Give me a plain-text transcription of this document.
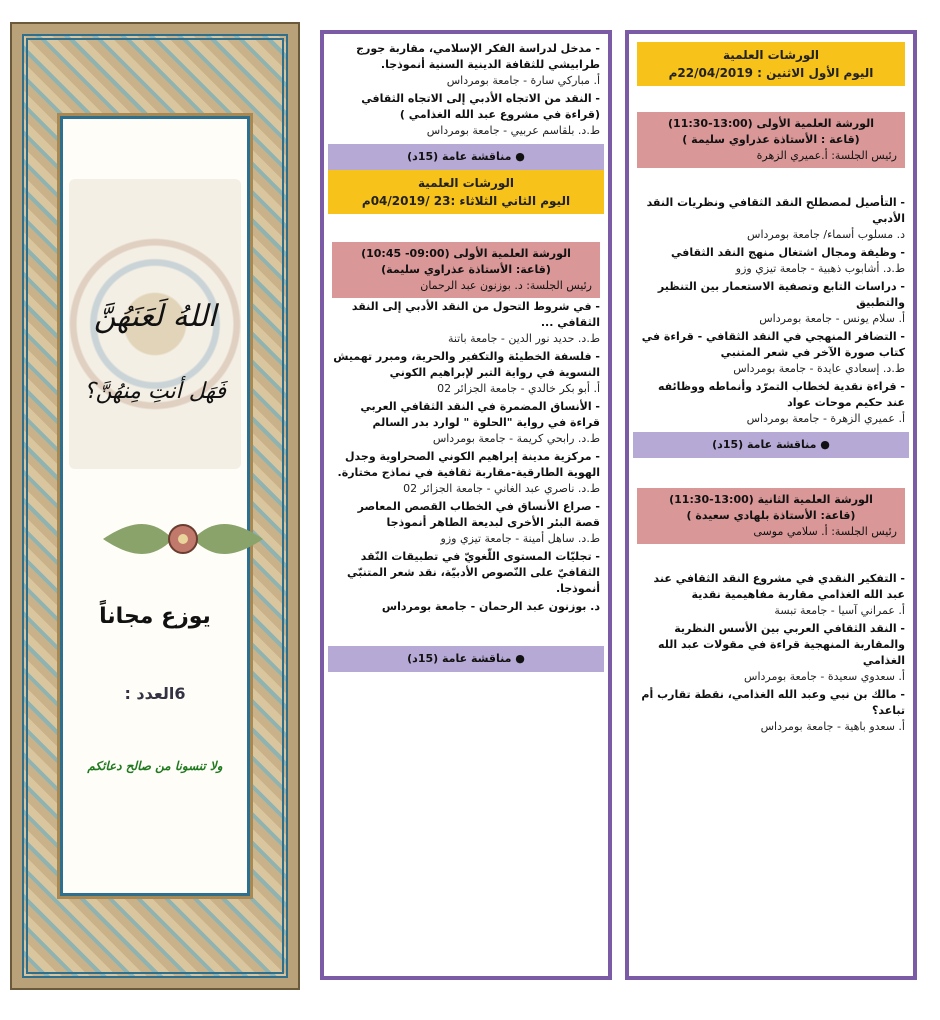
اللهُ لَعَنَهُنَّ
فَهَل أنتِ مِنهُنَّ؟
يوزع مجاناً
6العدد :
ولا تنسونا من صالح دعائكم
- مدخل لدراسة الفكر الإسلامي، مقاربة جورج طرابيشي للثقافة الدينية السنية أنموذجا.
أ. مباركي سارة - جامعة بومرداس
- النقد من الاتجاه الأدبي إلى الاتجاه الثقافي (قراءة في مشروع عبد الله الغذامي )
ط.د. بلقاسم عربيي - جامعة بومرداس
● مناقشة عامة (15د)
الورشات العلمية
اليوم الثاني الثلاثاء :23 /04/2019م
الورشة العلمية الأولى (09:00- 10:45)
(قاعة: الأستاذة عذراوي سليمة)
رئيس الجلسة: د. بوزنون عبد الرحمان
- في شروط التحول من النقد الأدبي إلى النقد الثقافي ...
ط.د. حديد نور الدين - جامعة باتنة
- فلسفة الخطيئة والتكفير والحرية، ومبرر تهميش النسوية في رواية التبر لإبراهيم الكوني
أ. أبو بكر خالدي - جامعة الجزائر 02
- الأنساق المضمرة في النقد الثقافي العربي قراءة في رواية "الحلوة " لوارد بدر السالم
ط.د. رابحي كريمة - جامعة بومرداس
- مركزية مدينة إبراهيم الكوني الصحراوية وجدل الهوية الطارقية-مقاربة ثقافية في نماذج مختارة.
ط.د. ناصري عبد الغاني - جامعة الجزائر 02
- صراع الأنساق في الخطاب القصص المعاصر قصة البئر الأخرى لبديعة الطاهر أنموذجا
ط.د. ساهل أمينة - جامعة تيزي وزو
- تجليّات المستوى اللّغويّ في تطبيقات النّقد الثقافيّ على النّصوص الأدبيّة، نقد شعر المتنبّي أنموذجا.
د. بوزنون عبد الرحمان - جامعة بومرداس
● مناقشة عامة (15د)
الورشات العلمية
اليوم الأول الاثنين : 22/04/2019م
الورشة العلمية الأولى (13:00-11:30)
(قاعة : الأستاذة عذراوي سليمة )
رئيس الجلسة: أ.عميري الزهرة
- التأصيل لمصطلح النقد الثقافي ونظريات النقد الأدبي
د. مسلوب أسماء/ جامعة بومرداس
- وظيفة ومجال اشتغال منهج النقد الثقافي
ط.د. أشابوب ذهبية - جامعة تيزي وزو
- دراسات التابع وتصفية الاستعمار بين التنظير والتطبيق
أ. سلام يونس - جامعة بومرداس
- التضافر المنهجي في النقد الثقافي - قراءة في كتاب صورة الآخر في شعر المتنبي
ط.د. إسعادي عايدة - جامعة بومرداس
- قراءة نقدية لخطاب التمرّد وأنماطه ووظائفه عند حكيم موحات عواد
أ. عميري الزهرة - جامعة بومرداس
● مناقشة عامة (15د)
الورشة العلمية الثانية (13:00-11:30)
(قاعة: الأستاذة بلهادي سعيدة )
رئيس الجلسة: أ. سلامي موسى
- التفكير النقدي في مشروع النقد الثقافي عند عبد الله الغذامي مقاربة مفاهيمية نقدية
أ. عمراني آسيا - جامعة تبسة
- النقد الثقافي العربي بين الأسس النظرية والمقاربة المنهجية قراءة في مقولات عبد الله الغذامي
أ. سعدوي سعيدة - جامعة بومرداس
- مالك بن نبي وعبد الله الغذامي، نقطة تقارب أم تباعد؟
أ. سعدو باهية - جامعة بومرداس
